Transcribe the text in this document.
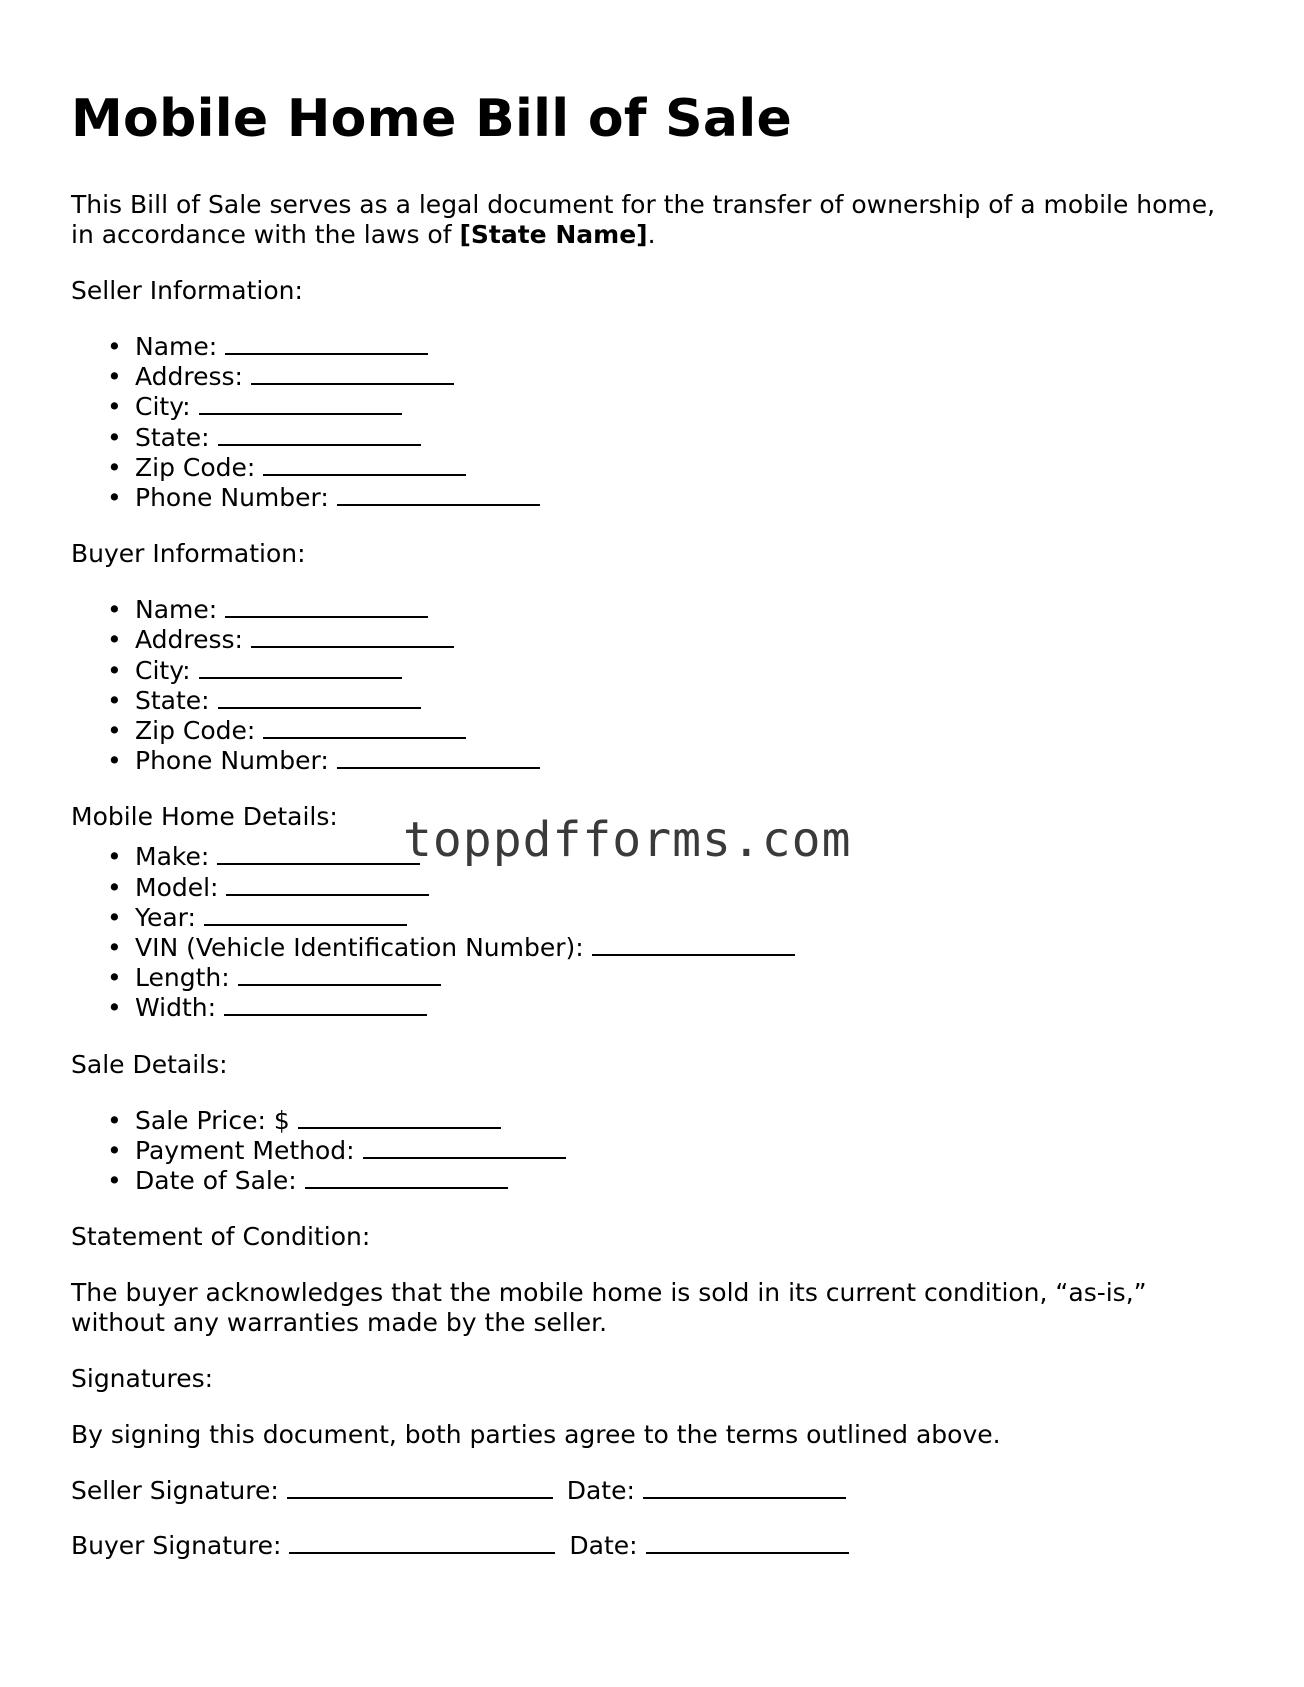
Mobile Home Bill of Sale

This Bill of Sale serves as a legal document for the transfer of ownership of a mobile home, in accordance with the laws of [State Name].

Seller Information:

• Name:
• Address:
• City:
• State:
• Zip Code:
• Phone Number:

Buyer Information:

• Name:
• Address:
• City:
• State:
• Zip Code:
• Phone Number:

Mobile Home Details:

• Make:
• Model:
• Year:
• VIN (Vehicle Identification Number):
• Length:
• Width:

Sale Details:

• Sale Price: $
• Payment Method:
• Date of Sale:

Statement of Condition:

The buyer acknowledges that the mobile home is sold in its current condition, “as-is,” without any warranties made by the seller.

Signatures:

By signing this document, both parties agree to the terms outlined above.

Seller Signature:	Date:
Buyer Signature:	Date:
toppdfforms.com
